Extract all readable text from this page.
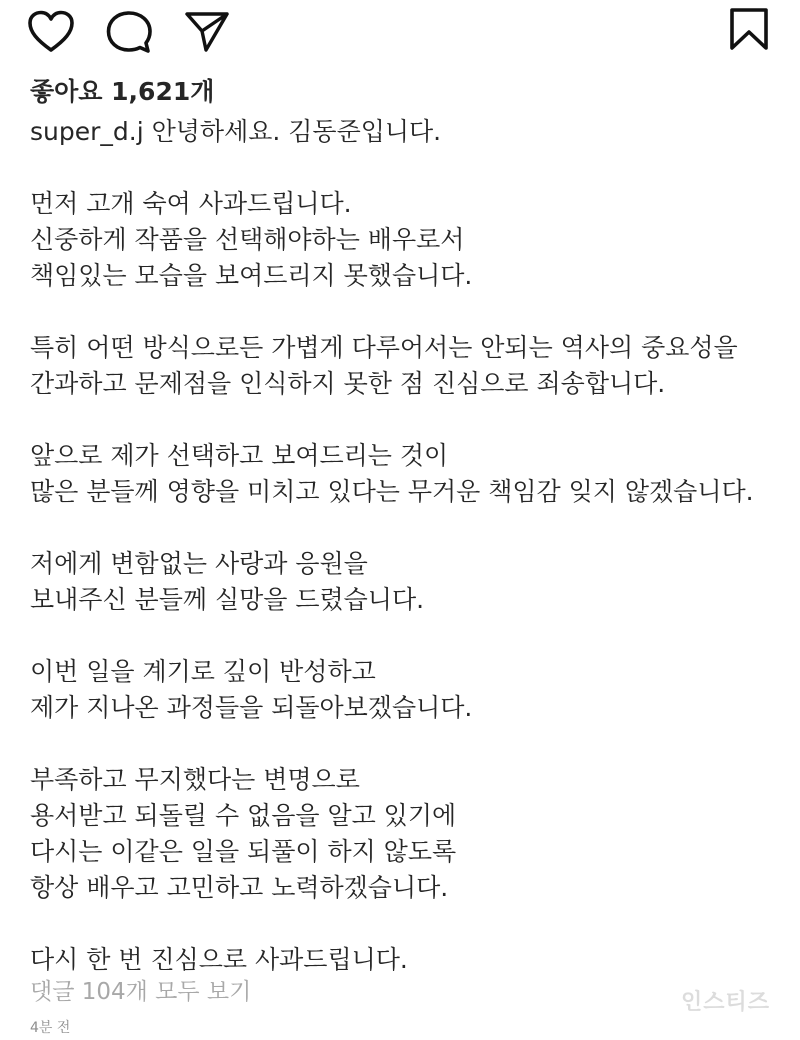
좋아요 1,621개
super_d.j 안녕하세요. 김동준입니다.
먼저 고개 숙여 사과드립니다.
신중하게 작품을 선택해야하는 배우로서
책임있는 모습을 보여드리지 못했습니다.
특히 어떤 방식으로든 가볍게 다루어서는 안되는 역사의 중요성을
간과하고 문제점을 인식하지 못한 점 진심으로 죄송합니다.
앞으로 제가 선택하고 보여드리는 것이
많은 분들께 영향을 미치고 있다는 무거운 책임감 잊지 않겠습니다.
저에게 변함없는 사랑과 응원을
보내주신 분들께 실망을 드렸습니다.
이번 일을 계기로 깊이 반성하고
제가 지나온 과정들을 되돌아보겠습니다.
부족하고 무지했다는 변명으로
용서받고 되돌릴 수 없음을 알고 있기에
다시는 이같은 일을 되풀이 하지 않도록
항상 배우고 고민하고 노력하겠습니다.
다시 한 번 진심으로 사과드립니다.
댓글 104개 모두 보기
4분 전
인스티즈
